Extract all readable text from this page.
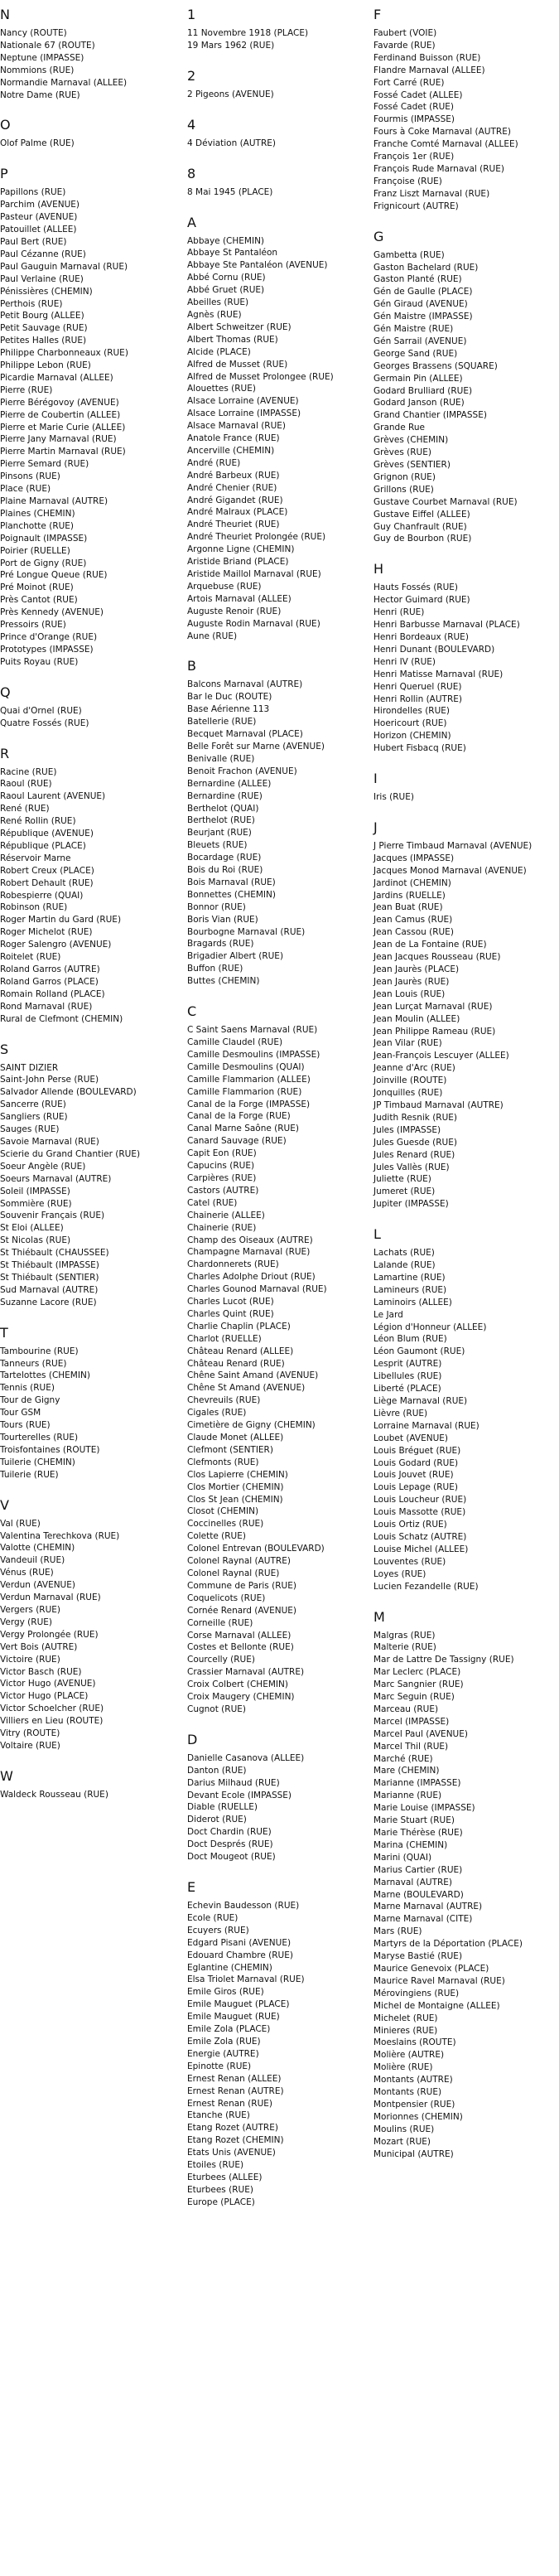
1
11 Novembre 1918 (PLACE)
19 Mars 1962 (RUE)
2
2 Pigeons (AVENUE)
4
4 Déviation (AUTRE)
8
8 Mai 1945 (PLACE)
A
Abbaye (CHEMIN)
Abbaye St Pantaléon
Abbaye Ste Pantaléon (AVENUE)
Abbé Cornu (RUE)
Abbé Gruet (RUE)
Abeilles (RUE)
Agnès (RUE)
Albert Schweitzer (RUE)
Albert Thomas (RUE)
Alcide (PLACE)
Alfred de Musset (RUE)
Alfred de Musset Prolongee (RUE)
Alouettes (RUE)
Alsace Lorraine (AVENUE)
Alsace Lorraine (IMPASSE)
Alsace Marnaval (RUE)
Anatole France (RUE)
Ancerville (CHEMIN)
André (RUE)
André Barbeux (RUE)
André Chenier (RUE)
André Gigandet (RUE)
André Malraux (PLACE)
André Theuriet (RUE)
André Theuriet Prolongée (RUE)
Argonne Ligne (CHEMIN)
Aristide Briand (PLACE)
Aristide Maillol Marnaval (RUE)
Arquebuse (RUE)
Artois Marnaval (ALLEE)
Auguste Renoir (RUE)
Auguste Rodin Marnaval (RUE)
Aune (RUE)
B
Balcons Marnaval (AUTRE)
Bar le Duc (ROUTE)
Base Aérienne 113
Batellerie (RUE)
Becquet Marnaval (PLACE)
Belle Forêt sur Marne (AVENUE)
Benivalle (RUE)
Benoit Frachon (AVENUE)
Bernardine (ALLEE)
Bernardine (RUE)
Berthelot (QUAI)
Berthelot (RUE)
Beurjant (RUE)
Bleuets (RUE)
Bocardage (RUE)
Bois du Roi (RUE)
Bois Marnaval (RUE)
Bonnettes (CHEMIN)
Bonnor (RUE)
Boris Vian (RUE)
Bourbogne Marnaval (RUE)
Bragards (RUE)
Brigadier Albert (RUE)
Buffon (RUE)
Buttes (CHEMIN)
C
C Saint Saens Marnaval (RUE)
Camille Claudel (RUE)
Camille Desmoulins (IMPASSE)
Camille Desmoulins (QUAI)
Camille Flammarion (ALLEE)
Camille Flammarion (RUE)
Canal de la Forge (IMPASSE)
Canal de la Forge (RUE)
Canal Marne Saône (RUE)
Canard Sauvage (RUE)
Capit Eon (RUE)
Capucins (RUE)
Carpières (RUE)
Castors (AUTRE)
Catel (RUE)
Chainerie (ALLEE)
Chainerie (RUE)
Champ des Oiseaux (AUTRE)
Champagne Marnaval (RUE)
Chardonnerets (RUE)
Charles Adolphe Driout (RUE)
Charles Gounod Marnaval (RUE)
Charles Lucot (RUE)
Charles Quint (RUE)
Charlie Chaplin (PLACE)
Charlot (RUELLE)
Château Renard (ALLEE)
Château Renard (RUE)
Chêne Saint Amand (AVENUE)
Chêne St Amand (AVENUE)
Chevreuils (RUE)
Cigales (RUE)
Cimetière de Gigny (CHEMIN)
Claude Monet (ALLEE)
Clefmont (SENTIER)
Clefmonts (RUE)
Clos Lapierre (CHEMIN)
Clos Mortier (CHEMIN)
Clos St Jean (CHEMIN)
Closot (CHEMIN)
Coccinelles (RUE)
Colette (RUE)
Colonel Entrevan (BOULEVARD)
Colonel Raynal (AUTRE)
Colonel Raynal (RUE)
Commune de Paris (RUE)
Coquelicots (RUE)
Cornée Renard (AVENUE)
Corneille (RUE)
Corse Marnaval (ALLEE)
Costes et Bellonte (RUE)
Courcelly (RUE)
Crassier Marnaval (AUTRE)
Croix Colbert (CHEMIN)
Croix Maugery (CHEMIN)
Cugnot (RUE)
D
Danielle Casanova (ALLEE)
Danton (RUE)
Darius Milhaud (RUE)
Devant Ecole (IMPASSE)
Diable (RUELLE)
Diderot (RUE)
Doct Chardin (RUE)
Doct Després (RUE)
Doct Mougeot (RUE)
E
Echevin Baudesson (RUE)
Ecole (RUE)
Ecuyers (RUE)
Edgard Pisani (AVENUE)
Edouard Chambre (RUE)
Eglantine (CHEMIN)
Elsa Triolet Marnaval (RUE)
Emile Giros (RUE)
Emile Mauguet (PLACE)
Emile Mauguet (RUE)
Emile Zola (PLACE)
Emile Zola (RUE)
Energie (AUTRE)
Epinotte (RUE)
Ernest Renan (ALLEE)
Ernest Renan (AUTRE)
Ernest Renan (RUE)
Etanche (RUE)
Etang Rozet (AUTRE)
Etang Rozet (CHEMIN)
Etats Unis (AVENUE)
Etoiles (RUE)
Eturbees (ALLEE)
Eturbees (RUE)
Europe (PLACE)
F
Faubert (VOIE)
Favarde (RUE)
Ferdinand Buisson (RUE)
Flandre Marnaval (ALLEE)
Fort Carré (RUE)
Fossé Cadet (ALLEE)
Fossé Cadet (RUE)
Fourmis (IMPASSE)
Fours à Coke Marnaval (AUTRE)
Franche Comté Marnaval (ALLEE)
François 1er (RUE)
François Rude Marnaval (RUE)
Françoise (RUE)
Franz Liszt Marnaval (RUE)
Frignicourt (AUTRE)
G
Gambetta (RUE)
Gaston Bachelard (RUE)
Gaston Planté (RUE)
Gén de Gaulle (PLACE)
Gén Giraud (AVENUE)
Gén Maistre (IMPASSE)
Gén Maistre (RUE)
Gén Sarrail (AVENUE)
George Sand (RUE)
Georges Brassens (SQUARE)
Germain Pin (ALLEE)
Godard Brulliard (RUE)
Godard Janson (RUE)
Grand Chantier (IMPASSE)
Grande Rue
Grèves (CHEMIN)
Grèves (RUE)
Grèves (SENTIER)
Grignon (RUE)
Grillons (RUE)
Gustave Courbet Marnaval (RUE)
Gustave Eiffel (ALLEE)
Guy Chanfrault (RUE)
Guy de Bourbon (RUE)
H
Hauts Fossés (RUE)
Hector Guimard (RUE)
Henri (RUE)
Henri Barbusse Marnaval (PLACE)
Henri Bordeaux (RUE)
Henri Dunant (BOULEVARD)
Henri IV (RUE)
Henri Matisse Marnaval (RUE)
Henri Queruel (RUE)
Henri Rollin (AUTRE)
Hirondelles (RUE)
Hoericourt (RUE)
Horizon (CHEMIN)
Hubert Fisbacq (RUE)
I
Iris (RUE)
J
J Pierre Timbaud Marnaval (AVENUE)
Jacques (IMPASSE)
Jacques Monod Marnaval (AVENUE)
Jardinot (CHEMIN)
Jardins (RUELLE)
Jean Buat (RUE)
Jean Camus (RUE)
Jean Cassou (RUE)
Jean de La Fontaine (RUE)
Jean Jacques Rousseau (RUE)
Jean Jaurès (PLACE)
Jean Jaurès (RUE)
Jean Louis (RUE)
Jean Lurçat Marnaval (RUE)
Jean Moulin (ALLEE)
Jean Philippe Rameau (RUE)
Jean Vilar (RUE)
Jean-François Lescuyer (ALLEE)
Jeanne d'Arc (RUE)
Joinville (ROUTE)
Jonquilles (RUE)
JP Timbaud Marnaval (AUTRE)
Judith Resnik (RUE)
Jules (IMPASSE)
Jules Guesde (RUE)
Jules Renard (RUE)
Jules Vallès (RUE)
Juliette (RUE)
Jumeret (RUE)
Jupiter (IMPASSE)
L
Lachats (RUE)
Lalande (RUE)
Lamartine (RUE)
Lamineurs (RUE)
Laminoirs (ALLEE)
Le Jard
Légion d'Honneur (ALLEE)
Léon Blum (RUE)
Léon Gaumont (RUE)
Lesprit (AUTRE)
Libellules (RUE)
Liberté (PLACE)
Liège Marnaval (RUE)
Lièvre (RUE)
Lorraine Marnaval (RUE)
Loubet (AVENUE)
Louis Bréguet (RUE)
Louis Godard (RUE)
Louis Jouvet (RUE)
Louis Lepage (RUE)
Louis Loucheur (RUE)
Louis Massotte (RUE)
Louis Ortiz (RUE)
Louis Schatz (AUTRE)
Louise Michel (ALLEE)
Louventes (RUE)
Loyes (RUE)
Lucien Fezandelle (RUE)
M
Malgras (RUE)
Malterie (RUE)
Mar de Lattre De Tassigny (RUE)
Mar Leclerc (PLACE)
Marc Sangnier (RUE)
Marc Seguin (RUE)
Marceau (RUE)
Marcel (IMPASSE)
Marcel Paul (AVENUE)
Marcel Thil (RUE)
Marché (RUE)
Mare (CHEMIN)
Marianne (IMPASSE)
Marianne (RUE)
Marie Louise (IMPASSE)
Marie Stuart (RUE)
Marie Thérèse (RUE)
Marina (CHEMIN)
Marini (QUAI)
Marius Cartier (RUE)
Marnaval (AUTRE)
Marne (BOULEVARD)
Marne Marnaval (AUTRE)
Marne Marnaval (CITE)
Mars (RUE)
Martyrs de la Déportation (PLACE)
Maryse Bastié (RUE)
Maurice Genevoix (PLACE)
Maurice Ravel Marnaval (RUE)
Mérovingiens (RUE)
Michel de Montaigne (ALLEE)
Michelet (RUE)
Minieres (RUE)
Moeslains (ROUTE)
Molière (AUTRE)
Molière (RUE)
Montants (AUTRE)
Montants (RUE)
Montpensier (RUE)
Morionnes (CHEMIN)
Moulins (RUE)
Mozart (RUE)
Municipal (AUTRE)
N
Nancy (ROUTE)
Nationale 67 (ROUTE)
Neptune (IMPASSE)
Nommions (RUE)
Normandie Marnaval (ALLEE)
Notre Dame (RUE)
O
Olof Palme (RUE)
P
Papillons (RUE)
Parchim (AVENUE)
Pasteur (AVENUE)
Patouillet (ALLEE)
Paul Bert (RUE)
Paul Cézanne (RUE)
Paul Gauguin Marnaval (RUE)
Paul Verlaine (RUE)
Pénissières (CHEMIN)
Perthois (RUE)
Petit Bourg (ALLEE)
Petit Sauvage (RUE)
Petites Halles (RUE)
Philippe Charbonneaux (RUE)
Philippe Lebon (RUE)
Picardie Marnaval (ALLEE)
Pierre (RUE)
Pierre Bérégovoy (AVENUE)
Pierre de Coubertin (ALLEE)
Pierre et Marie Curie (ALLEE)
Pierre Jany Marnaval (RUE)
Pierre Martin Marnaval (RUE)
Pierre Semard (RUE)
Pinsons (RUE)
Place (RUE)
Plaine Marnaval (AUTRE)
Plaines (CHEMIN)
Planchotte (RUE)
Poignault (IMPASSE)
Poirier (RUELLE)
Port de Gigny (RUE)
Pré Longue Queue (RUE)
Pré Moinot (RUE)
Près Cantot (RUE)
Près Kennedy (AVENUE)
Pressoirs (RUE)
Prince d'Orange (RUE)
Prototypes (IMPASSE)
Puits Royau (RUE)
Q
Quai d'Ornel (RUE)
Quatre Fossés (RUE)
R
Racine (RUE)
Raoul (RUE)
Raoul Laurent (AVENUE)
René (RUE)
René Rollin (RUE)
République (AVENUE)
République (PLACE)
Réservoir Marne
Robert Creux (PLACE)
Robert Dehault (RUE)
Robespierre (QUAI)
Robinson (RUE)
Roger Martin du Gard (RUE)
Roger Michelot (RUE)
Roger Salengro (AVENUE)
Roitelet (RUE)
Roland Garros (AUTRE)
Roland Garros (PLACE)
Romain Rolland (PLACE)
Rond Marnaval (RUE)
Rural de Clefmont (CHEMIN)
S
SAINT DIZIER
Saint-John Perse (RUE)
Salvador Allende (BOULEVARD)
Sancerre (RUE)
Sangliers (RUE)
Sauges (RUE)
Savoie Marnaval (RUE)
Scierie du Grand Chantier (RUE)
Soeur Angèle (RUE)
Soeurs Marnaval (AUTRE)
Soleil (IMPASSE)
Sommière (RUE)
Souvenir Français (RUE)
St Eloi (ALLEE)
St Nicolas (RUE)
St Thiébault (CHAUSSEE)
St Thiébault (IMPASSE)
St Thiébault (SENTIER)
Sud Marnaval (AUTRE)
Suzanne Lacore (RUE)
T
Tambourine (RUE)
Tanneurs (RUE)
Tartelottes (CHEMIN)
Tennis (RUE)
Tour de Gigny
Tour GSM
Tours (RUE)
Tourterelles (RUE)
Troisfontaines (ROUTE)
Tuilerie (CHEMIN)
Tuilerie (RUE)
V
Val (RUE)
Valentina Terechkova (RUE)
Valotte (CHEMIN)
Vandeuil (RUE)
Vénus (RUE)
Verdun (AVENUE)
Verdun Marnaval (RUE)
Vergers (RUE)
Vergy (RUE)
Vergy Prolongée (RUE)
Vert Bois (AUTRE)
Victoire (RUE)
Victor Basch (RUE)
Victor Hugo (AVENUE)
Victor Hugo (PLACE)
Victor Schoelcher (RUE)
Villiers en Lieu (ROUTE)
Vitry (ROUTE)
Voltaire (RUE)
W
Waldeck Rousseau (RUE)
